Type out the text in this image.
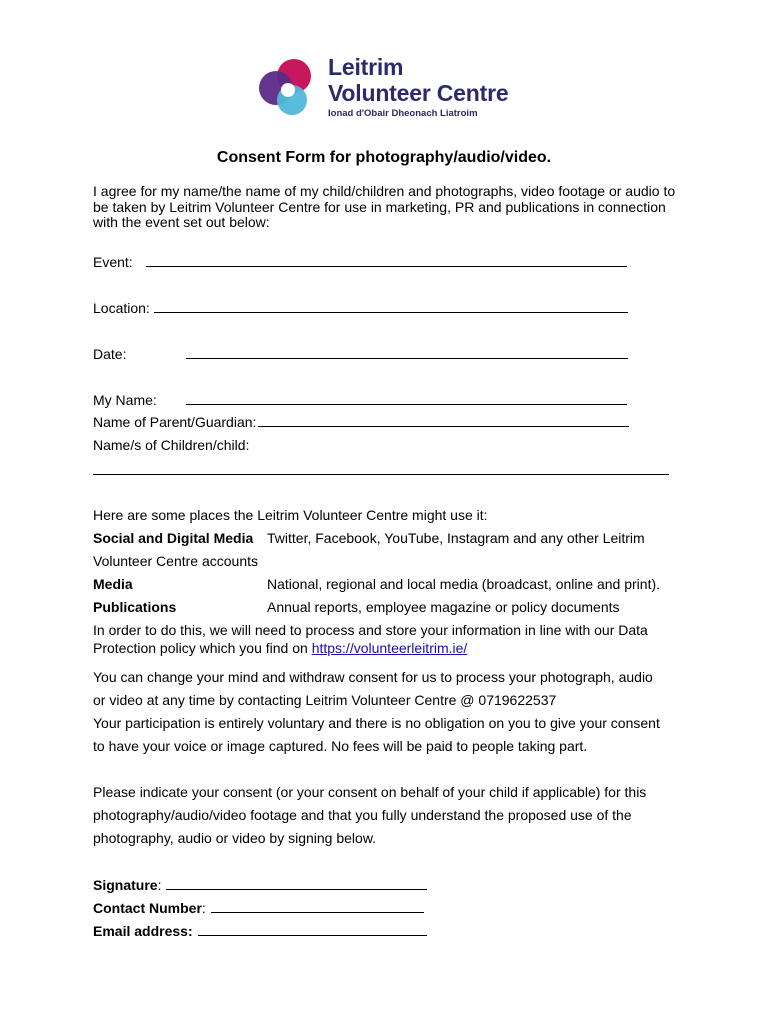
Leitrim
Volunteer Centre
Ionad d'Obair Dheonach Liatroim
Consent Form for photography/audio/video.
I agree for my name/the name of my child/children and photographs, video footage or audio to be taken by Leitrim Volunteer Centre for use in marketing, PR and publications in connection with the event set out below:
Event:
Location:
Date:
My Name:
Name of Parent/Guardian:
Name/s of Children/child:
Here are some places the Leitrim Volunteer Centre might use it:
Social and Digital Media Twitter, Facebook, YouTube, Instagram and any other Leitrim
Volunteer Centre accounts
Media	National, regional and local media (broadcast, online and print).
Publications	Annual reports, employee magazine or policy documents
In order to do this, we will need to process and store your information in line with our Data
Protection policy which you find on https://volunteerleitrim.ie/
You can change your mind and withdraw consent for us to process your photograph, audio
or video at any time by contacting Leitrim Volunteer Centre @ 0719622537
Your participation is entirely voluntary and there is no obligation on you to give your consent
to have your voice or image captured. No fees will be paid to people taking part.
Please indicate your consent (or your consent on behalf of your child if applicable) for this
photography/audio/video footage and that you fully understand the proposed use of the
photography, audio or video by signing below.
Signature:
Contact Number:
Email address:
